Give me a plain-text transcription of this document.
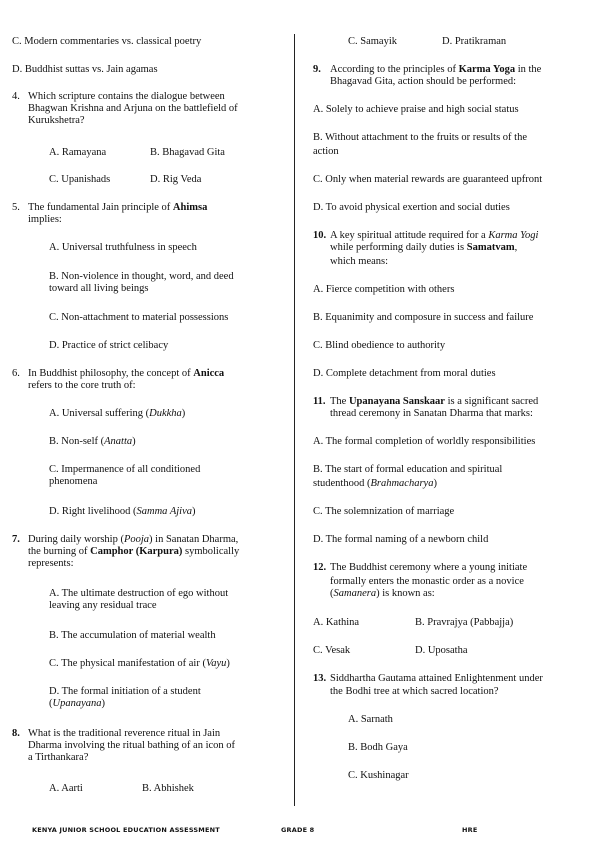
C. Modern commentaries vs. classical poetry
D. Buddhist suttas vs. Jain agamas
4. Which scripture contains the dialogue between
Bhagwan Krishna and Arjuna on the battlefield of
Kurukshetra?
A. Ramayana	B. Bhagavad Gita
C. Upanishads	D. Rig Veda
5. The fundamental Jain principle of Ahimsa
implies:
A. Universal truthfulness in speech
B. Non-violence in thought, word, and deed
toward all living beings
C. Non-attachment to material possessions
D. Practice of strict celibacy
6. In Buddhist philosophy, the concept of Anicca
refers to the core truth of:
A. Universal suffering (Dukkha)
B. Non-self (Anatta)
C. Impermanence of all conditioned
phenomena
D. Right livelihood (Samma Ajiva)
7. During daily worship (Pooja) in Sanatan Dharma,
the burning of Camphor (Karpura) symbolically
represents:
A. The ultimate destruction of ego without
leaving any residual trace
B. The accumulation of material wealth
C. The physical manifestation of air (Vayu)
D. The formal initiation of a student
(Upanayana)
8. What is the traditional reverence ritual in Jain
Dharma involving the ritual bathing of an icon of
a Tirthankara?
A. Aarti	B. Abhishek
C. Samayik	D. Pratikraman
9. According to the principles of Karma Yoga in the
Bhagavad Gita, action should be performed:
A. Solely to achieve praise and high social status
B. Without attachment to the fruits or results of the
action
C. Only when material rewards are guaranteed upfront
D. To avoid physical exertion and social duties
10. A key spiritual attitude required for a Karma Yogi
while performing daily duties is Samatvam,
which means:
A. Fierce competition with others
B. Equanimity and composure in success and failure
C. Blind obedience to authority
D. Complete detachment from moral duties
11. The Upanayana Sanskaar is a significant sacred
thread ceremony in Sanatan Dharma that marks:
A. The formal completion of worldly responsibilities
B. The start of formal education and spiritual
studenthood (Brahmacharya)
C. The solemnization of marriage
D. The formal naming of a newborn child
12. The Buddhist ceremony where a young initiate
formally enters the monastic order as a novice
(Samanera) is known as:
A. Kathina	B. Pravrajya (Pabbajja)
C. Vesak	D. Uposatha
13. Siddhartha Gautama attained Enlightenment under
the Bodhi tree at which sacred location?
A. Sarnath
B. Bodh Gaya
C. Kushinagar
KENYA JUNIOR SCHOOL EDUCATION ASSESSMENT	GRADE 8	HRE
